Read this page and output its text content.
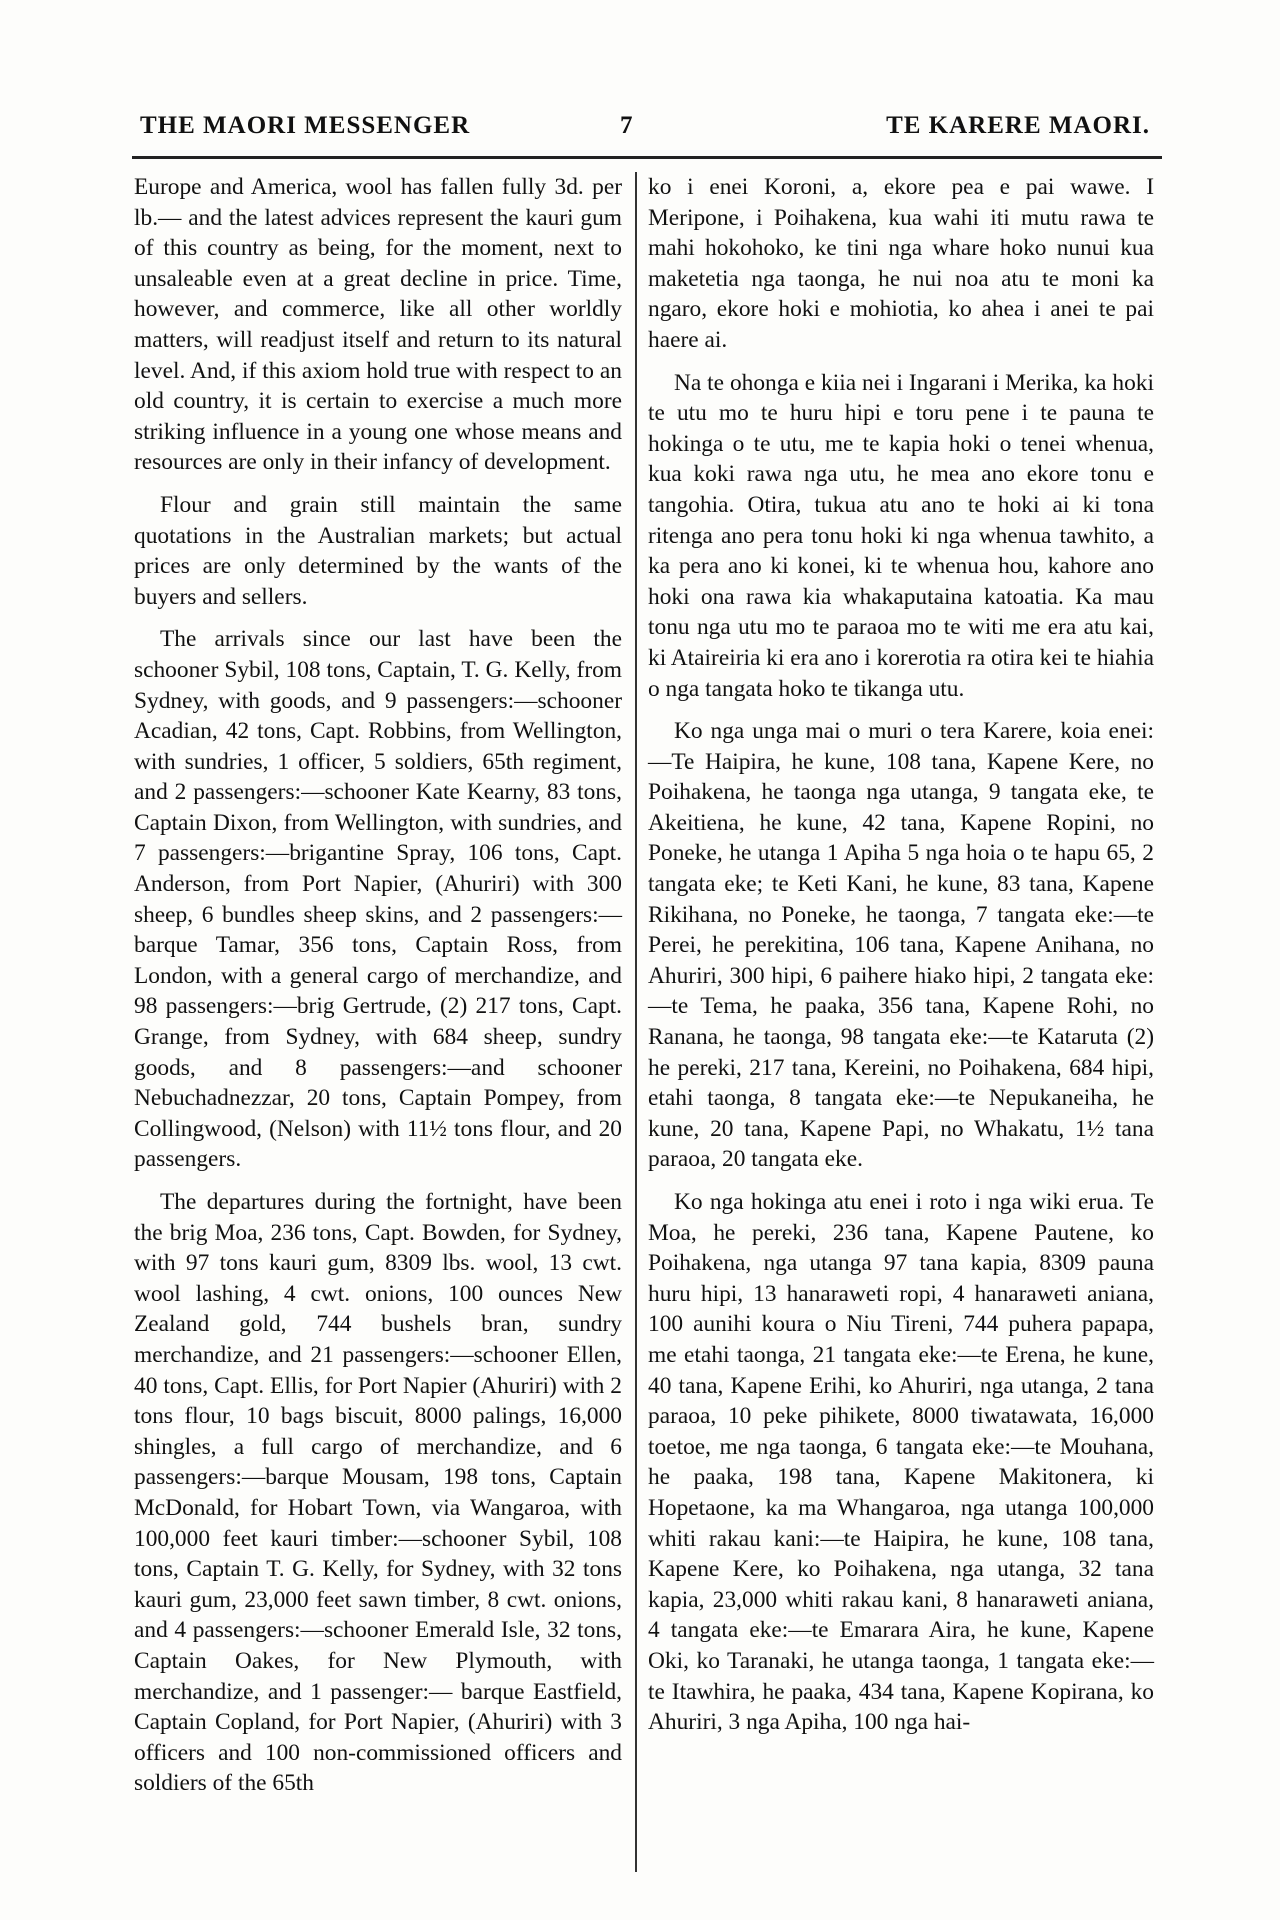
THE MAORI MESSENGER	7	TE KARERE MAORI.

Europe and America, wool has fallen fully 3d. per lb.— and the latest advices represent the kauri gum of this country as being, for the moment, next to unsaleable even at a great decline in price. Time, however, and commerce, like all other worldly matters, will readjust itself and return to its natural level. And, if this axiom hold true with respect to an old country, it is certain to exercise a much more striking influence in a young one whose means and resources are only in their infancy of development.

Flour and grain still maintain the same quotations in the Australian markets; but actual prices are only determined by the wants of the buyers and sellers.

The arrivals since our last have been the schooner Sybil, 108 tons, Captain, T. G. Kelly, from Sydney, with goods, and 9 passengers:—schooner Acadian, 42 tons, Capt. Robbins, from Wellington, with sundries, 1 officer, 5 soldiers, 65th regiment, and 2 passengers:—schooner Kate Kearny, 83 tons, Captain Dixon, from Wellington, with sundries, and 7 passengers:—brigantine Spray, 106 tons, Capt. Anderson, from Port Napier, (Ahuriri) with 300 sheep, 6 bundles sheep skins, and 2 passengers:—barque Tamar, 356 tons, Captain Ross, from London, with a general cargo of merchandize, and 98 passengers:—brig Gertrude, (2) 217 tons, Capt. Grange, from Sydney, with 684 sheep, sundry goods, and 8 passengers:—and schooner Nebuchadnezzar, 20 tons, Captain Pompey, from Collingwood, (Nelson) with 11½ tons flour, and 20 passengers.

The departures during the fortnight, have been the brig Moa, 236 tons, Capt. Bowden, for Sydney, with 97 tons kauri gum, 8309 lbs. wool, 13 cwt. wool lashing, 4 cwt. onions, 100 ounces New Zealand gold, 744 bushels bran, sundry merchandize, and 21 passengers:—schooner Ellen, 40 tons, Capt. Ellis, for Port Napier (Ahuriri) with 2 tons flour, 10 bags biscuit, 8000 palings, 16,000 shingles, a full cargo of merchandize, and 6 passengers:—barque Mousam, 198 tons, Captain McDonald, for Hobart Town, via Wangaroa, with 100,000 feet kauri timber:—schooner Sybil, 108 tons, Captain T. G. Kelly, for Sydney, with 32 tons kauri gum, 23,000 feet sawn timber, 8 cwt. onions, and 4 passengers:—schooner Emerald Isle, 32 tons, Captain Oakes, for New Plymouth, with merchandize, and 1 passenger:— barque Eastfield, Captain Copland, for Port Napier, (Ahuriri) with 3 officers and 100 non-commissioned officers and soldiers of the 65th

ko i enei Koroni, a, ekore pea e pai wawe. I Meripone, i Poihakena, kua wahi iti mutu rawa te mahi hokohoko, ke tini nga whare hoko nunui kua maketetia nga taonga, he nui noa atu te moni ka ngaro, ekore hoki e mohiotia, ko ahea i anei te pai haere ai.

Na te ohonga e kiia nei i Ingarani i Merika, ka hoki te utu mo te huru hipi e toru pene i te pauna te hokinga o te utu, me te kapia hoki o tenei whenua, kua koki rawa nga utu, he mea ano ekore tonu e tangohia. Otira, tukua atu ano te hoki ai ki tona ritenga ano pera tonu hoki ki nga whenua tawhito, a ka pera ano ki konei, ki te whenua hou, kahore ano hoki ona rawa kia whakaputaina katoatia. Ka mau tonu nga utu mo te paraoa mo te witi me era atu kai, ki Ataireiria ki era ano i korerotia ra otira kei te hiahia o nga tangata hoko te tikanga utu.

Ko nga unga mai o muri o tera Karere, koia enei:—Te Haipira, he kune, 108 tana, Kapene Kere, no Poihakena, he taonga nga utanga, 9 tangata eke, te Akeitiena, he kune, 42 tana, Kapene Ropini, no Poneke, he utanga 1 Apiha 5 nga hoia o te hapu 65, 2 tangata eke; te Keti Kani, he kune, 83 tana, Kapene Rikihana, no Poneke, he taonga, 7 tangata eke:—te Perei, he perekitina, 106 tana, Kapene Anihana, no Ahuriri, 300 hipi, 6 paihere hiako hipi, 2 tangata eke:—te Tema, he paaka, 356 tana, Kapene Rohi, no Ranana, he taonga, 98 tangata eke:—te Kataruta (2) he pereki, 217 tana, Kereini, no Poihakena, 684 hipi, etahi taonga, 8 tangata eke:—te Nepukaneiha, he kune, 20 tana, Kapene Papi, no Whakatu, 1½ tana paraoa, 20 tangata eke.

Ko nga hokinga atu enei i roto i nga wiki erua. Te Moa, he pereki, 236 tana, Kapene Pautene, ko Poihakena, nga utanga 97 tana kapia, 8309 pauna huru hipi, 13 hanaraweti ropi, 4 hanaraweti aniana, 100 aunihi koura o Niu Tireni, 744 puhera papapa, me etahi taonga, 21 tangata eke:—te Erena, he kune, 40 tana, Kapene Erihi, ko Ahuriri, nga utanga, 2 tana paraoa, 10 peke pihikete, 8000 tiwatawata, 16,000 toetoe, me nga taonga, 6 tangata eke:—te Mouhana, he paaka, 198 tana, Kapene Makitonera, ki Hopetaone, ka ma Whangaroa, nga utanga 100,000 whiti rakau kani:—te Haipira, he kune, 108 tana, Kapene Kere, ko Poihakena, nga utanga, 32 tana kapia, 23,000 whiti rakau kani, 8 hanaraweti aniana, 4 tangata eke:—te Emarara Aira, he kune, Kapene Oki, ko Taranaki, he utanga taonga, 1 tangata eke:—te Itawhira, he paaka, 434 tana, Kapene Kopirana, ko Ahuriri, 3 nga Apiha, 100 nga hai-
